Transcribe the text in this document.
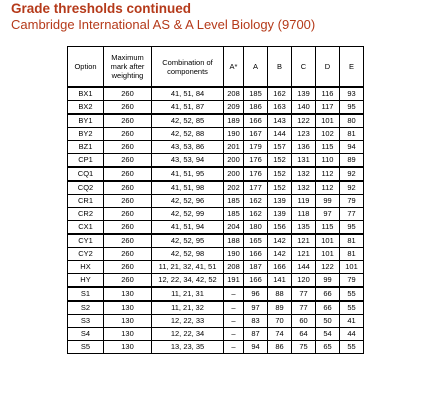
Grade thresholds continued
Cambridge International AS & A Level Biology (9700)
Option	Maximum mark after weighting	Combination of components	A*	A	B	C	D	E
BX1	260	41, 51, 84	208	185	162	139	116	93
BX2	260	41, 51, 87	209	186	163	140	117	95
BY1	260	42, 52, 85	189	166	143	122	101	80
BY2	260	42, 52, 88	190	167	144	123	102	81
BZ1	260	43, 53, 86	201	179	157	136	115	94
CP1	260	43, 53, 94	200	176	152	131	110	89
CQ1	260	41, 51, 95	200	176	152	132	112	92
CQ2	260	41, 51, 98	202	177	152	132	112	92
CR1	260	42, 52, 96	185	162	139	119	99	79
CR2	260	42, 52, 99	185	162	139	118	97	77
CX1	260	41, 51, 94	204	180	156	135	115	95
CY1	260	42, 52, 95	188	165	142	121	101	81
CY2	260	42, 52, 98	190	166	142	121	101	81
HX	260	11, 21, 32, 41, 51	208	187	166	144	122	101
HY	260	12, 22, 34, 42, 52	191	166	141	120	99	79
S1	130	11, 21, 31	–	96	88	77	66	55
S2	130	11, 21, 32	–	97	89	77	66	55
S3	130	12, 22, 33	–	83	70	60	50	41
S4	130	12, 22, 34	–	87	74	64	54	44
S5	130	13, 23, 35	–	94	86	75	65	55
